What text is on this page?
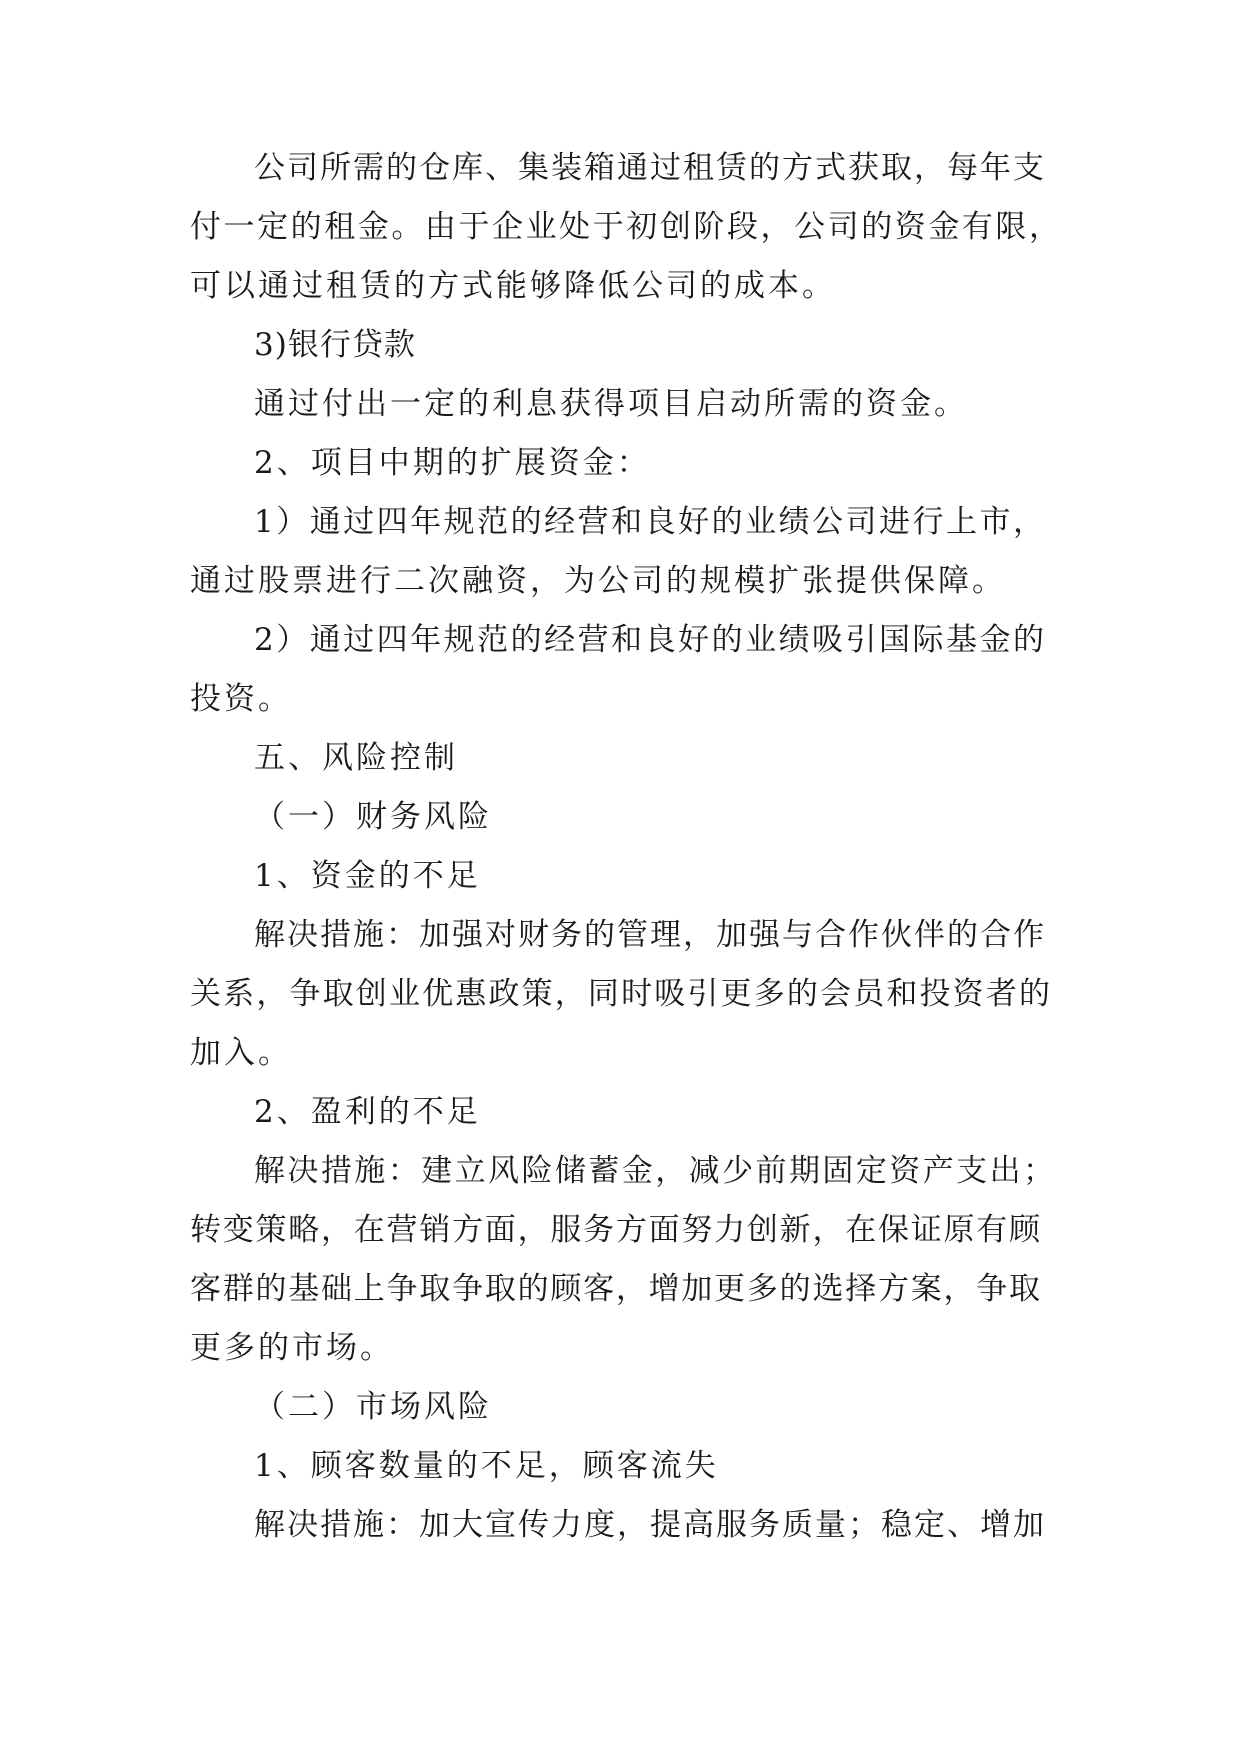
公司所需的仓库、集装箱通过租赁的方式获取，每年支

付一定的租金。由于企业处于初创阶段，公司的资金有限，

可以通过租赁的方式能够降低公司的成本。

3)银行贷款

通过付出一定的利息获得项目启动所需的资金。

2、项目中期的扩展资金：

1）通过四年规范的经营和良好的业绩公司进行上市，

通过股票进行二次融资，为公司的规模扩张提供保障。

2）通过四年规范的经营和良好的业绩吸引国际基金的

投资。

五、风险控制

（一）财务风险

1、资金的不足

解决措施：加强对财务的管理，加强与合作伙伴的合作

关系，争取创业优惠政策，同时吸引更多的会员和投资者的

加入。

2、盈利的不足

解决措施：建立风险储蓄金，减少前期固定资产支出；

转变策略，在营销方面，服务方面努力创新，在保证原有顾

客群的基础上争取争取的顾客，增加更多的选择方案，争取

更多的市场。

（二）市场风险

1、顾客数量的不足，顾客流失

解决措施：加大宣传力度，提高服务质量；稳定、增加
